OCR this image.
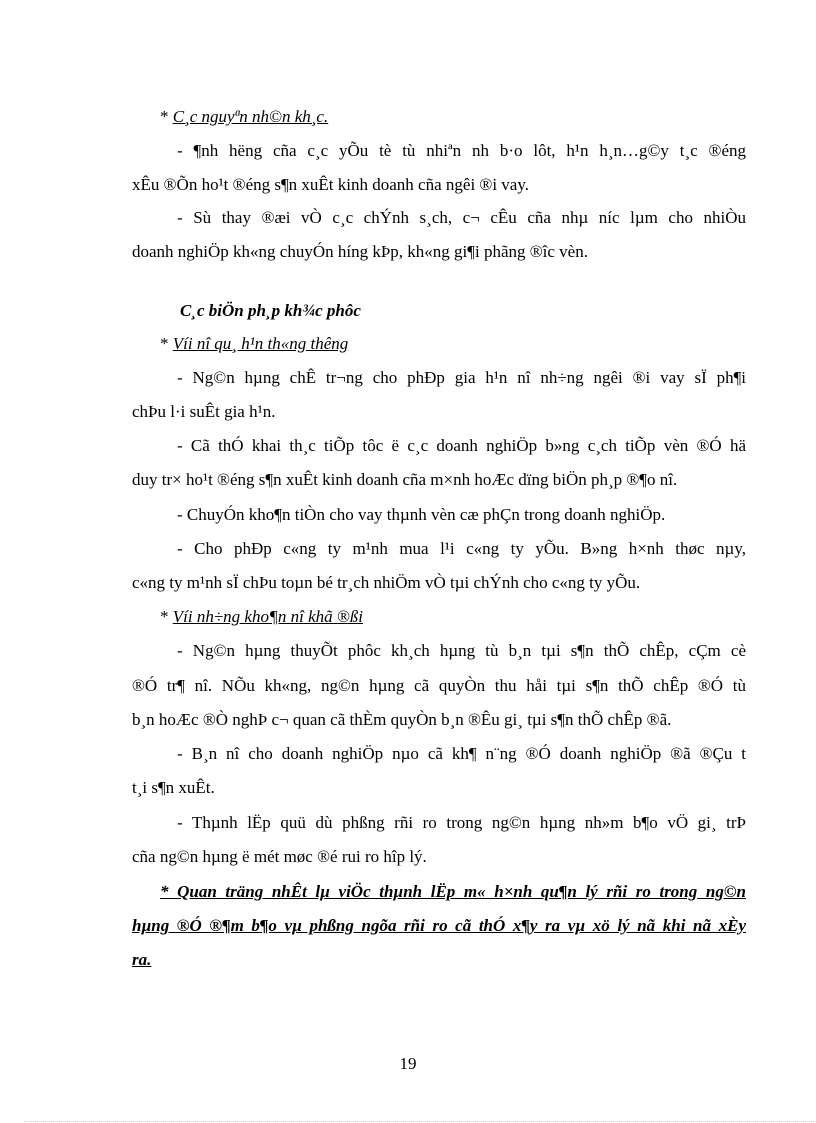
* C¸c nguyªn nh©n kh¸c.
- ¶nh hëng cña c¸c yÕu tè tù nhiªn nh b·o lôt, h¹n h¸n…g©y t¸c ®éng
xÊu ®Õn ho¹t ®éng s¶n xuÊt kinh doanh cña ngêi ®i vay.
- Sù thay ®æi vÒ c¸c chÝnh s¸ch, c¬ cÊu cña nhµ níc lµm cho nhiÒu
doanh nghiÖp kh«ng chuyÓn híng kÞp, kh«ng gi¶i phãng ®îc vèn.
C¸c biÖn ph¸p kh¾c phôc
* Víi nî qu¸ h¹n th«ng thêng
- Ng©n hµng chÊ tr¬ng cho phÐp gia h¹n nî nh÷ng ngêi ®i vay sÏ ph¶i
chÞu l·i suÊt gia h¹n.
- Cã thÓ khai th¸c tiÕp tôc ë c¸c doanh nghiÖp b»ng c¸ch tiÕp vèn ®Ó hä
duy tr× ho¹t ®éng s¶n xuÊt kinh doanh cña m×nh hoÆc dïng biÖn ph¸p ®¶o nî.
- ChuyÓn kho¶n tiÒn cho vay thµnh vèn cæ phÇn trong doanh nghiÖp.
- Cho phÐp c«ng ty m¹nh mua l¹i c«ng ty yÕu. B»ng h×nh thøc nµy,
c«ng ty m¹nh sÏ chÞu toµn bé tr¸ch nhiÖm vÒ tµi chÝnh cho c«ng ty yÕu.
* Víi nh÷ng kho¶n nî khã ®ßi
- Ng©n hµng thuyÕt phôc kh¸ch hµng tù b¸n tµi s¶n thÕ chÊp, cÇm cè
®Ó tr¶ nî. NÕu kh«ng, ng©n hµng cã quyÒn thu håi tµi s¶n thÕ chÊp ®Ó tù
b¸n hoÆc ®Ò nghÞ c¬ quan cã thÈm quyÒn b¸n ®Êu gi¸ tµi s¶n thÕ chÊp ®ã.
- B¸n nî cho doanh nghiÖp nµo cã kh¶ n¨ng ®Ó doanh nghiÖp ®ã ®Çu t
t¸i s¶n xuÊt.
- Thµnh lËp quü dù phßng rñi ro trong ng©n hµng nh»m b¶o vÖ gi¸ trÞ
cña ng©n hµng ë mét møc ®é rui ro hîp lý.
* Quan träng nhÊt lµ viÖc thµnh lËp m« h×nh qu¶n lý rñi ro trong ng©n
hµng ®Ó ®¶m b¶o vµ phßng ngõa rñi ro cã thÓ x¶y ra vµ xö lý nã khi nã xÈy
ra.
19
